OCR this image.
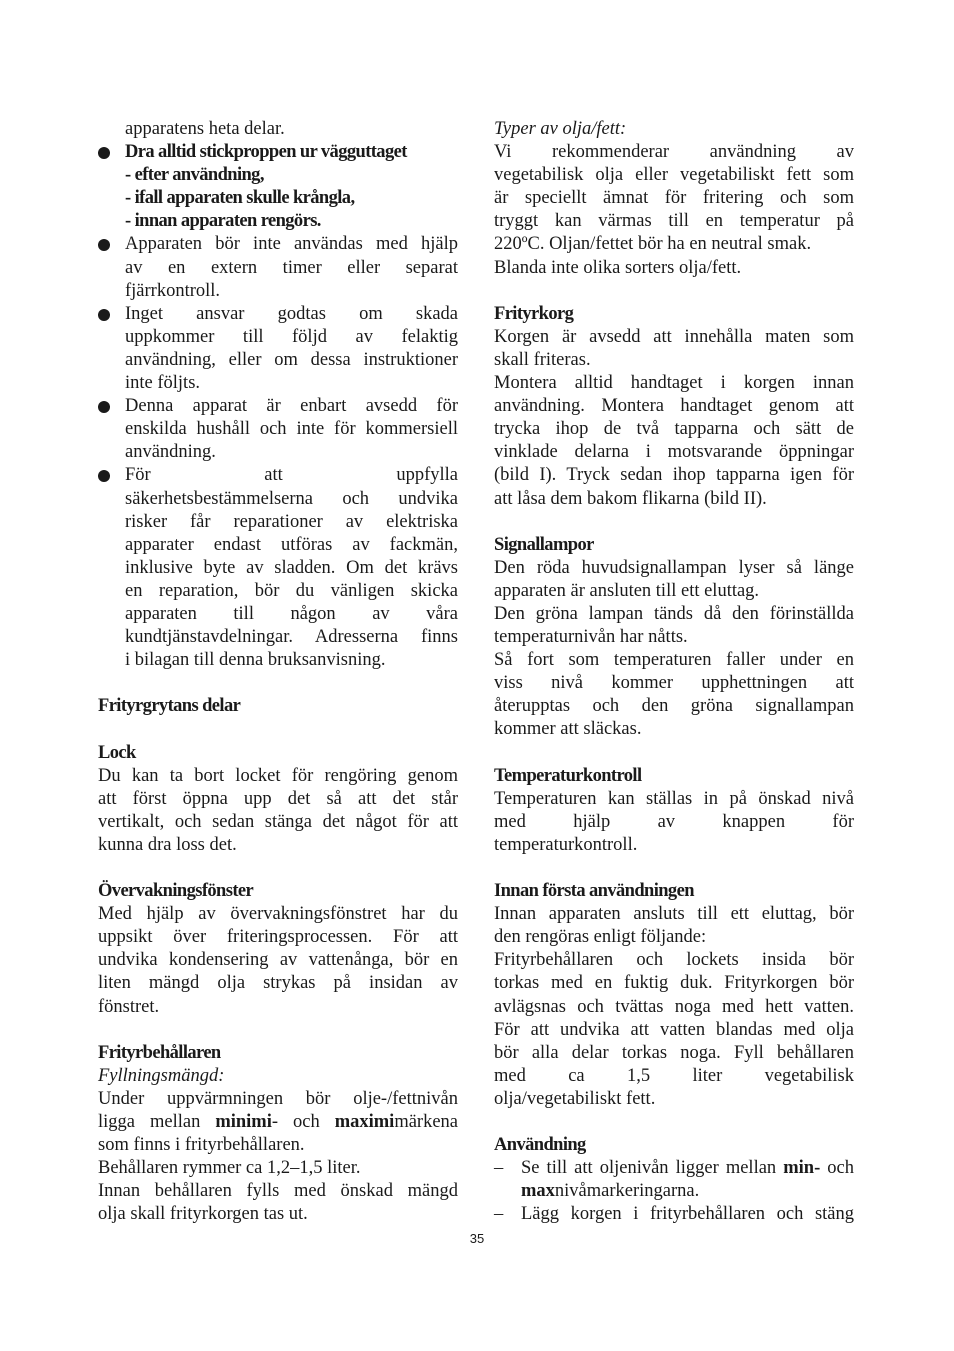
apparatens heta delar.
Dra alltid stickproppen ur vägguttaget
- efter användning,
- ifall apparaten skulle krångla,
- innan apparaten rengörs.
Apparaten bör inte användas med hjälp
av en extern timer eller separat
fjärrkontroll.
Inget ansvar godtas om skada
uppkommer till följd av felaktig
användning, eller om dessa instruktioner
inte följts.
Denna apparat är enbart avsedd för
enskilda hushåll och inte för kommersiell
användning.
För att uppfylla
säkerhetsbestämmelserna och undvika
risker får reparationer av elektriska
apparater endast utföras av fackmän,
inklusive byte av sladden. Om det krävs
en reparation, bör du vänligen skicka
apparaten till någon av våra
kundtjänstavdelningar. Adresserna finns
i bilagan till denna bruksanvisning.
Frityrgrytans delar
Lock
Du kan ta bort locket för rengöring genom
att först öppna upp det så att det står
vertikalt, och sedan stänga det något för att
kunna dra loss det.
Övervakningsfönster
Med hjälp av övervakningsfönstret har du
uppsikt över friteringsprocessen. För att
undvika kondensering av vattenånga, bör en
liten mängd olja strykas på insidan av
fönstret.
Frityrbehållaren
Fyllningsmängd:
Under uppvärmningen bör olje-/fettnivån
ligga mellan minimi- och maximimärkena
som finns i frityrbehållaren.
Behållaren rymmer ca 1,2–1,5 liter.
Innan behållaren fylls med önskad mängd
olja skall frityrkorgen tas ut.
Typer av olja/fett:
Vi rekommenderar användning av
vegetabilisk olja eller vegetabiliskt fett som
är speciellt ämnat för fritering och som
tryggt kan värmas till en temperatur på
220ºC. Oljan/fettet bör ha en neutral smak.
Blanda inte olika sorters olja/fett.
Frityrkorg
Korgen är avsedd att innehålla maten som
skall friteras.
Montera alltid handtaget i korgen innan
användning. Montera handtaget genom att
trycka ihop de två tapparna och sätt de
vinklade delarna i motsvarande öppningar
(bild I). Tryck sedan ihop tapparna igen för
att låsa dem bakom flikarna (bild II).
Signallampor
Den röda huvudsignallampan lyser så länge
apparaten är ansluten till ett eluttag.
Den gröna lampan tänds då den förinställda
temperaturnivån har nåtts.
Så fort som temperaturen faller under en
viss nivå kommer upphettningen att
återupptas och den gröna signallampan
kommer att släckas.
Temperaturkontroll
Temperaturen kan ställas in på önskad nivå
med hjälp av knappen för
temperaturkontroll.
Innan första användningen
Innan apparaten ansluts till ett eluttag, bör
den rengöras enligt följande:
Frityrbehållaren och lockets insida bör
torkas med en fuktig duk. Frityrkorgen bör
avlägsnas och tvättas noga med hett vatten.
För att undvika att vatten blandas med olja
bör alla delar torkas noga. Fyll behållaren
med ca 1,5 liter vegetabilisk
olja/vegetabiliskt fett.
Användning
– Se till att oljenivån ligger mellan min- och
maxnivåmarkeringarna.
– Lägg korgen i frityrbehållaren och stäng
35
